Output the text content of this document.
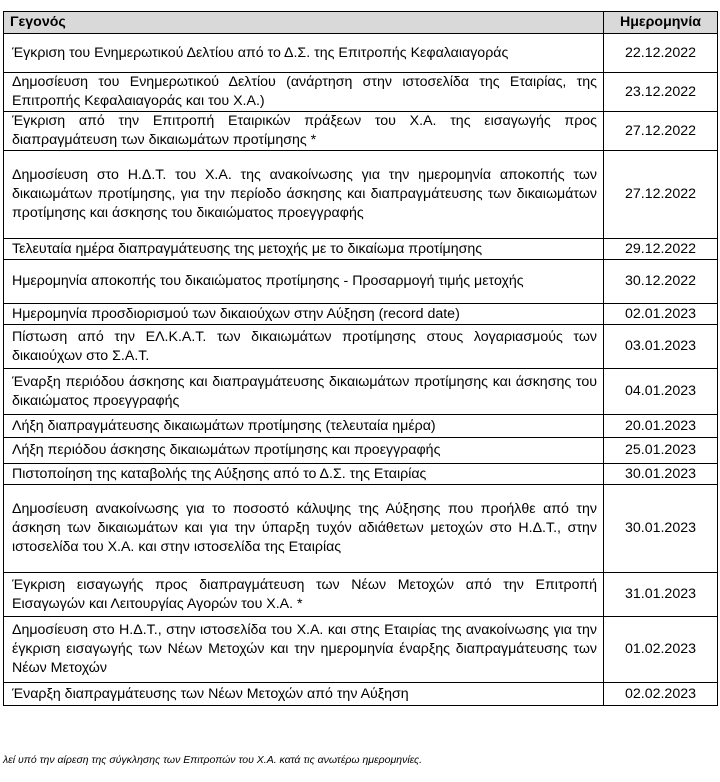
Γεγονός	Ημερομηνία
Έγκριση του Ενημερωτικού Δελτίου από το Δ.Σ. της Επιτροπής Κεφαλαιαγοράς	22.12.2022
Δημοσίευση του Ενημερωτικού Δελτίου (ανάρτηση στην ιστοσελίδα της Εταιρίας, της Επιτροπής Κεφαλαιαγοράς και του Χ.Α.)	23.12.2022
Έγκριση από την Επιτροπή Εταιρικών πράξεων του Χ.Α. της εισαγωγής προς διαπραγμάτευση των δικαιωμάτων προτίμησης *	27.12.2022
Δημοσίευση στο Η.Δ.Τ. του Χ.Α. της ανακοίνωσης για την ημερομηνία αποκοπής των δικαιωμάτων προτίμησης, για την περίοδο άσκησης και διαπραγμάτευσης των δικαιωμάτων προτίμησης και άσκησης του δικαιώματος προεγγραφής	27.12.2022
Τελευταία ημέρα διαπραγμάτευσης της μετοχής με το δικαίωμα προτίμησης	29.12.2022
Ημερομηνία αποκοπής του δικαιώματος προτίμησης - Προσαρμογή τιμής μετοχής	30.12.2022
Ημερομηνία προσδιορισμού των δικαιούχων στην Αύξηση (record date)	02.01.2023
Πίστωση από την ΕΛ.Κ.Α.Τ. των δικαιωμάτων προτίμησης στους λογαριασμούς των δικαιούχων στο Σ.Α.Τ.	03.01.2023
Έναρξη περιόδου άσκησης και διαπραγμάτευσης δικαιωμάτων προτίμησης και άσκησης του δικαιώματος προεγγραφής	04.01.2023
Λήξη διαπραγμάτευσης δικαιωμάτων προτίμησης (τελευταία ημέρα)	20.01.2023
Λήξη περιόδου άσκησης δικαιωμάτων προτίμησης και προεγγραφής	25.01.2023
Πιστοποίηση της καταβολής της Αύξησης από το Δ.Σ. της Εταιρίας	30.01.2023
Δημοσίευση ανακοίνωσης για το ποσοστό κάλυψης της Αύξησης που προήλθε από την άσκηση των δικαιωμάτων και για την ύπαρξη τυχόν αδιάθετων μετοχών στο Η.Δ.Τ., στην ιστοσελίδα του Χ.Α. και στην ιστοσελίδα της Εταιρίας	30.01.2023
Έγκριση εισαγωγής προς διαπραγμάτευση των Νέων Μετοχών από την Επιτροπή Εισαγωγών και Λειτουργίας Αγορών του Χ.Α. *	31.01.2023
Δημοσίευση στο Η.Δ.Τ., στην ιστοσελίδα του Χ.Α. και στης Εταιρίας της ανακοίνωσης για την έγκριση εισαγωγής των Νέων Μετοχών και την ημερομηνία έναρξης διαπραγμάτευσης των Νέων Μετοχών	01.02.2023
Έναρξη διαπραγμάτευσης των Νέων Μετοχών από την Αύξηση	02.02.2023
λεί υπό την αίρεση της σύγκλησης των Επιτροπών του Χ.Α. κατά τις ανωτέρω ημερομηνίες.
